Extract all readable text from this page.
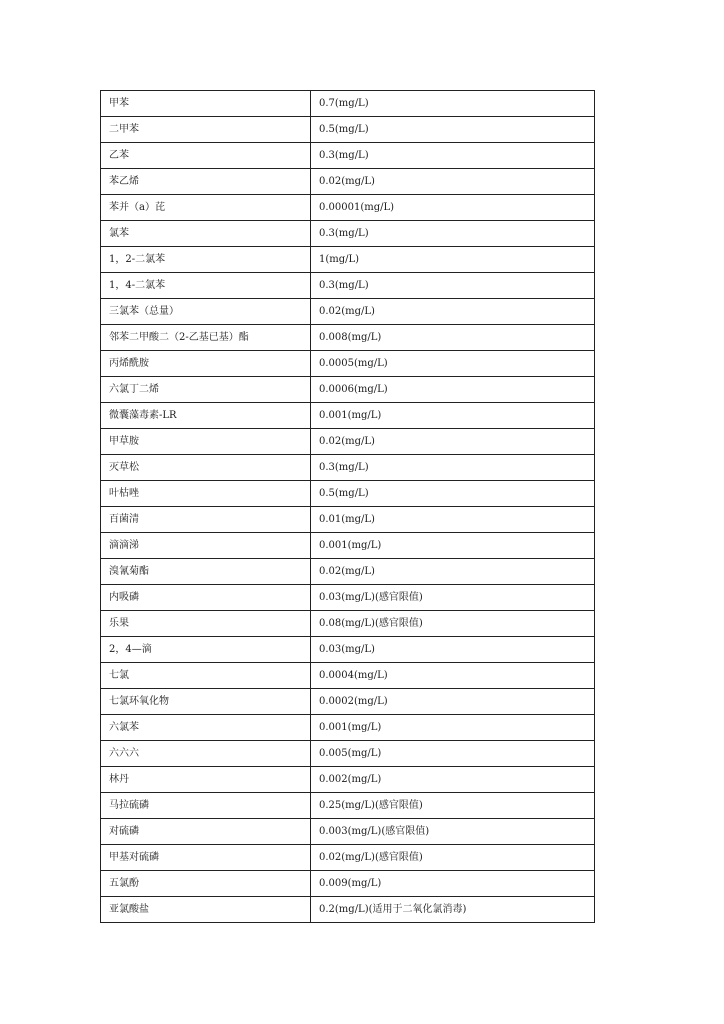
甲苯	0.7(mg/L)
二甲苯	0.5(mg/L)
乙苯	0.3(mg/L)
苯乙烯	0.02(mg/L)
苯并（a）芘	0.00001(mg/L)
氯苯	0.3(mg/L)
1，2-二氯苯	1(mg/L)
1，4-二氯苯	0.3(mg/L)
三氯苯（总量）	0.02(mg/L)
邻苯二甲酸二（2-乙基已基）酯	0.008(mg/L)
丙烯酰胺	0.0005(mg/L)
六氯丁二烯	0.0006(mg/L)
微囊藻毒素-LR	0.001(mg/L)
甲草胺	0.02(mg/L)
灭草松	0.3(mg/L)
叶枯唑	0.5(mg/L)
百菌清	0.01(mg/L)
滴滴涕	0.001(mg/L)
溴氰菊酯	0.02(mg/L)
内吸磷	0.03(mg/L)(感官限值)
乐果	0.08(mg/L)(感官限值)
2，4—滴	0.03(mg/L)
七氯	0.0004(mg/L)
七氯环氧化物	0.0002(mg/L)
六氯苯	0.001(mg/L)
六六六	0.005(mg/L)
林丹	0.002(mg/L)
马拉硫磷	0.25(mg/L)(感官限值)
对硫磷	0.003(mg/L)(感官限值)
甲基对硫磷	0.02(mg/L)(感官限值)
五氯酚	0.009(mg/L)
亚氯酸盐	0.2(mg/L)(适用于二氧化氯消毒)
